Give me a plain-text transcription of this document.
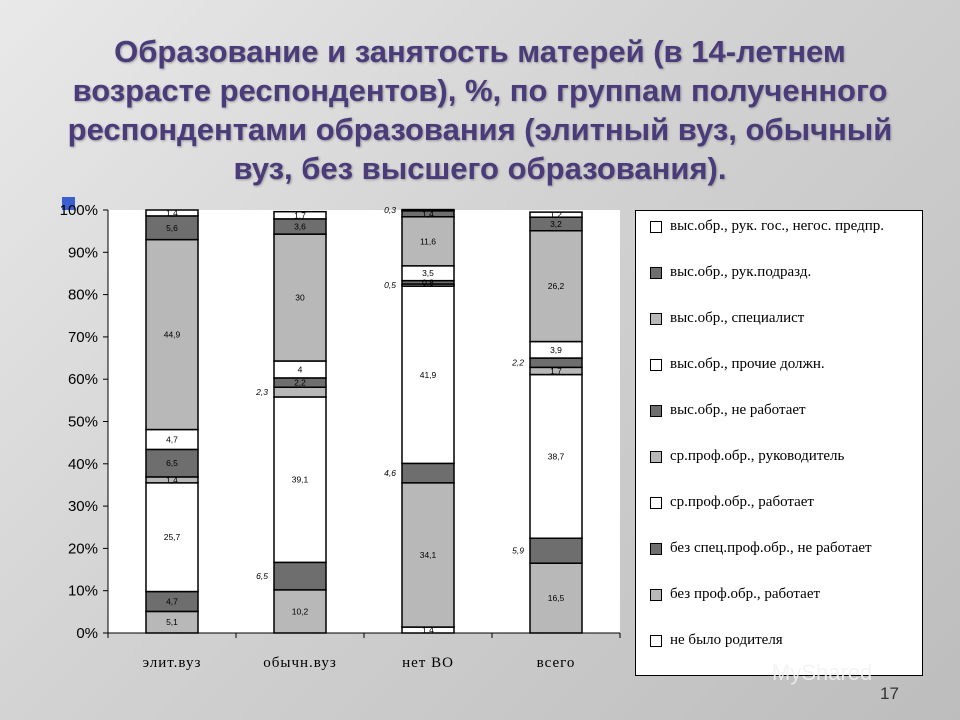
Образование и занятость матерей (в 14-летнем возрасте респондентов), %, по группам полученного респондентами образования (элитный вуз, обычный вуз, без высшего образования).
0%
10%
20%
30%
40%
50%
60%
70%
80%
90%
100%
элит.вуз	обычн.вуз	нет ВО	всего
5,1
4,7
25,7
1,4
6,5
4,7
44,9
5,6
1,4
10,2
6,5
39,1
2,3
2,2
4
30
3,6
1,7
1,4
34,1
4,6
41,9
0,5	0,8
3,5
11,6
1,4
0,3
16,5
5,9
38,7
1,7
2,2
3,9
26,2
3,2
1,2
выс.обр., рук. гос., негос. предпр.
выс.обр., рук.подразд.
выс.обр., специалист
выс.обр., прочие должн.
выс.обр., не работает
ср.проф.обр., руководитель
ср.проф.обр., работает
без спец.проф.обр., не работает
без проф.обр., работает
не было родителя
MyShared
17
